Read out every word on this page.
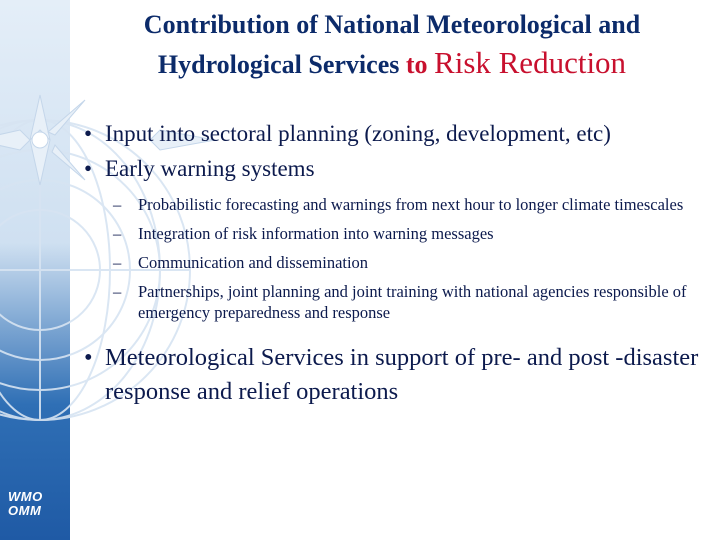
Contribution of National Meteorological and
Hydrological Services to Risk Reduction
• Input into sectoral planning (zoning, development, etc)
• Early warning systems
– Probabilistic forecasting and warnings from next hour to longer climate timescales
– Integration of risk information into warning messages
– Communication and dissemination
– Partnerships, joint planning and joint training with national agencies responsible of emergency preparedness and response
• Meteorological Services in support of pre- and post -disaster response and relief operations
WMO
OMM
